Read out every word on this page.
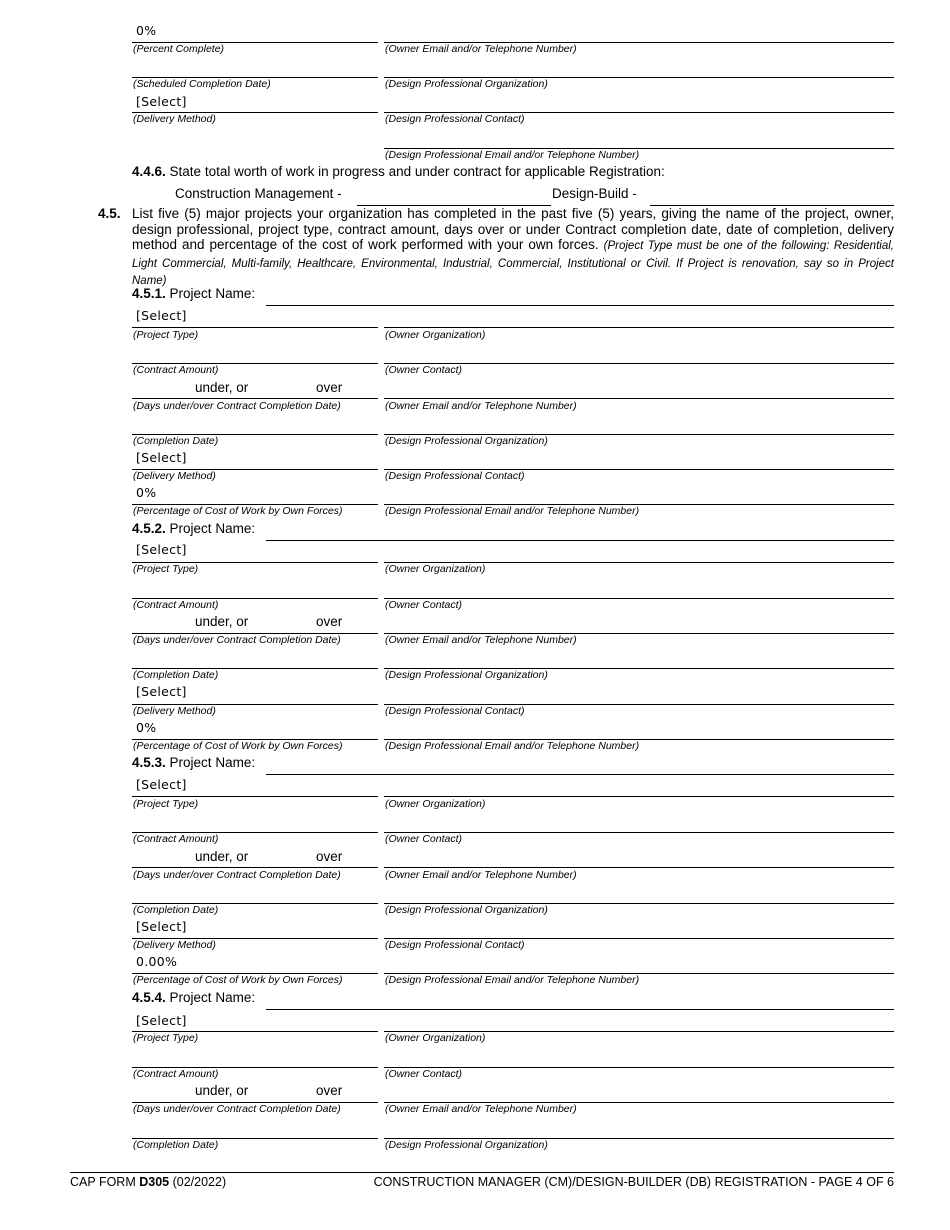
0%
(Percent Complete)	(Owner Email and/or Telephone Number)
(Scheduled Completion Date)	(Design Professional Organization)
[Select]
(Delivery Method)	(Design Professional Contact)
(Design Professional Email and/or Telephone Number)
4.4.6. State total worth of work in progress and under contract for applicable Registration:
Construction Management -	Design-Build -
4.5. List five (5) major projects your organization has completed in the past five (5) years, giving the name of the project, owner, design professional, project type, contract amount, days over or under Contract completion date, date of completion, delivery method and percentage of the cost of work performed with your own forces. (Project Type must be one of the following: Residential, Light Commercial, Multi-family, Healthcare, Environmental, Industrial, Commercial, Institutional or Civil. If Project is renovation, say so in Project Name)
4.5.1. Project Name:
[Select]
(Project Type)	(Owner Organization)
(Contract Amount)	(Owner Contact)
under, or	over
(Days under/over Contract Completion Date)	(Owner Email and/or Telephone Number)
(Completion Date)	(Design Professional Organization)
[Select]
(Delivery Method)	(Design Professional Contact)
0%
(Percentage of Cost of Work by Own Forces)	(Design Professional Email and/or Telephone Number)
4.5.2. Project Name:
[Select]
(Project Type)	(Owner Organization)
(Contract Amount)	(Owner Contact)
under, or	over
(Days under/over Contract Completion Date)	(Owner Email and/or Telephone Number)
(Completion Date)	(Design Professional Organization)
[Select]
(Delivery Method)	(Design Professional Contact)
0%
(Percentage of Cost of Work by Own Forces)	(Design Professional Email and/or Telephone Number)
4.5.3. Project Name:
[Select]
(Project Type)	(Owner Organization)
(Contract Amount)	(Owner Contact)
under, or	over
(Days under/over Contract Completion Date)	(Owner Email and/or Telephone Number)
(Completion Date)	(Design Professional Organization)
[Select]
(Delivery Method)	(Design Professional Contact)
0.00%
(Percentage of Cost of Work by Own Forces)	(Design Professional Email and/or Telephone Number)
4.5.4. Project Name:
[Select]
(Project Type)	(Owner Organization)
(Contract Amount)	(Owner Contact)
under, or	over
(Days under/over Contract Completion Date)	(Owner Email and/or Telephone Number)
(Completion Date)	(Design Professional Organization)
CAP FORM D305 (02/2022)	CONSTRUCTION MANAGER (CM)/DESIGN-BUILDER (DB) REGISTRATION - PAGE 4 OF 6
